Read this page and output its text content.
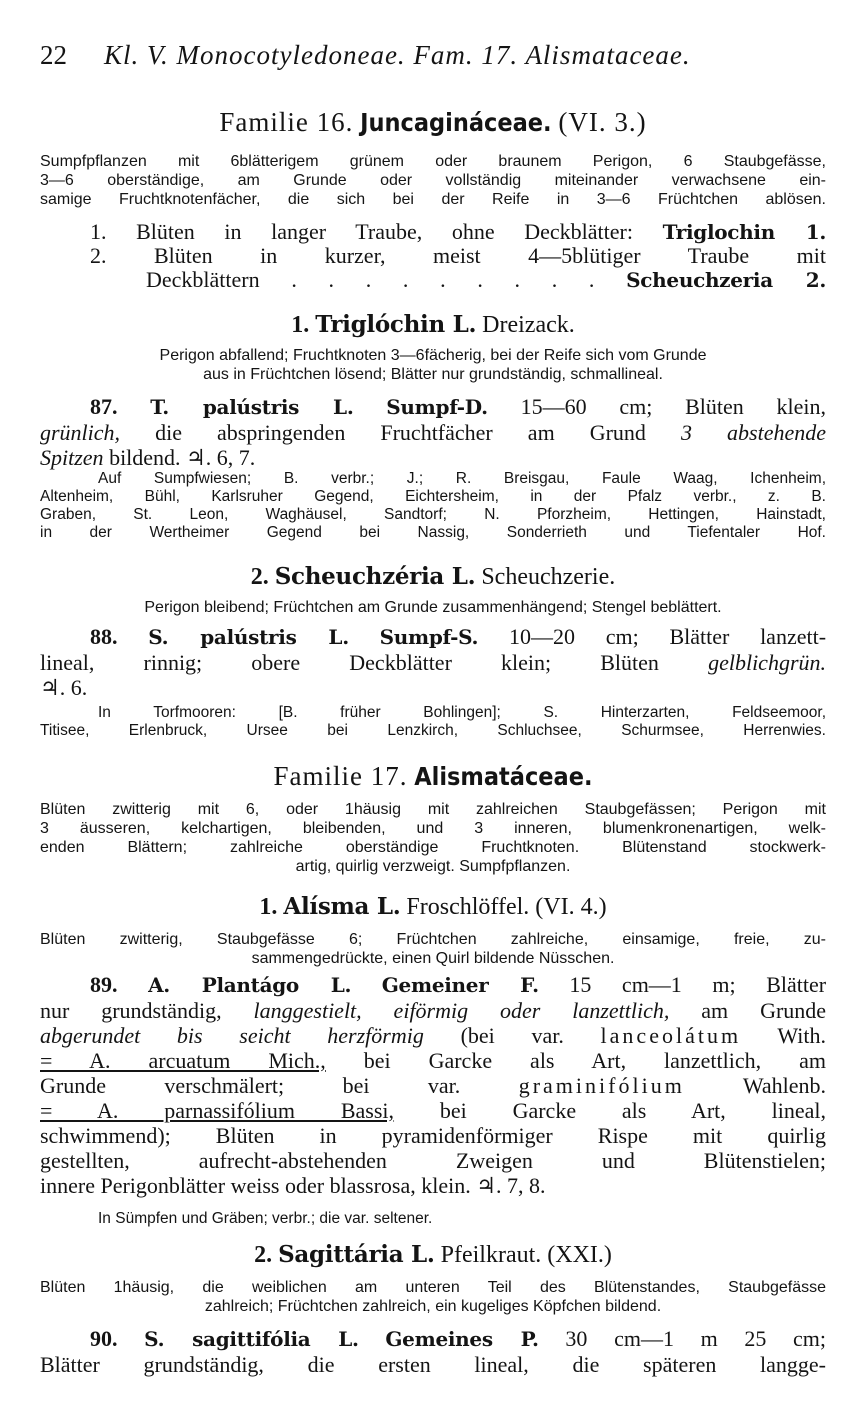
22 Kl. V. Monocotyledoneae. Fam. 17. Alismataceae.
Familie 16. Juncagináceae. (VI. 3.)
Sumpfpflanzen mit 6blätterigem grünem oder braunem Perigon, 6 Staubgefässe,
3—6 oberständige, am Grunde oder vollständig miteinander verwachsene ein-
samige Fruchtknotenfächer, die sich bei der Reife in 3—6 Früchtchen ablösen.
1. Blüten in langer Traube, ohne Deckblätter: Triglochin 1.
2. Blüten in kurzer, meist 4—5blütiger Traube mit
Deckblättern . . . . . . . . . Scheuchzeria 2.
1. Triglóchin L. Dreizack.
Perigon abfallend; Fruchtknoten 3—6fächerig, bei der Reife sich vom Grunde
aus in Früchtchen lösend; Blätter nur grundständig, schmallineal.
87. T. palústris L. Sumpf-D. 15—60 cm; Blüten klein,
grünlich, die abspringenden Fruchtfächer am Grund 3 abstehende
Spitzen bildend. ♃. 6, 7.
Auf Sumpfwiesen; B. verbr.; J.; R. Breisgau, Faule Waag, Ichenheim,
Altenheim, Bühl, Karlsruher Gegend, Eichtersheim, in der Pfalz verbr., z. B.
Graben, St. Leon, Waghäusel, Sandtorf; N. Pforzheim, Hettingen, Hainstadt,
in der Wertheimer Gegend bei Nassig, Sonderrieth und Tiefentaler Hof.
2. Scheuchzéria L. Scheuchzerie.
Perigon bleibend; Früchtchen am Grunde zusammenhängend; Stengel beblättert.
88. S. palústris L. Sumpf-S. 10—20 cm; Blätter lanzett-
lineal, rinnig; obere Deckblätter klein; Blüten gelblichgrün.
♃. 6.
In Torfmooren: [B. früher Bohlingen]; S. Hinterzarten, Feldseemoor,
Titisee, Erlenbruck, Ursee bei Lenzkirch, Schluchsee, Schurmsee, Herrenwies.
Familie 17. Alismatáceae.
Blüten zwitterig mit 6, oder 1häusig mit zahlreichen Staubgefässen; Perigon mit
3 äusseren, kelchartigen, bleibenden, und 3 inneren, blumenkronenartigen, welk-
enden Blättern; zahlreiche oberständige Fruchtknoten. Blütenstand stockwerk-
artig, quirlig verzweigt. Sumpfpflanzen.
1. Alísma L. Froschlöffel. (VI. 4.)
Blüten zwitterig, Staubgefässe 6; Früchtchen zahlreiche, einsamige, freie, zu-
sammengedrückte, einen Quirl bildende Nüsschen.
89. A. Plantágo L. Gemeiner F. 15 cm—1 m; Blätter
nur grundständig, langgestielt, eiförmig oder lanzettlich, am Grunde
abgerundet bis seicht herzförmig (bei var. lanceolátum With.
= A. arcuatum Mich., bei Garcke als Art, lanzettlich, am
Grunde verschmälert;	bei var.	graminifólium	Wahlenb.
= A. parnassifólium Bassi, bei Garcke als Art, lineal,
schwimmend); Blüten in pyramidenförmiger Rispe mit quirlig
gestellten, aufrecht-abstehenden Zweigen und Blütenstielen;
innere Perigonblätter weiss oder blassrosa, klein. ♃. 7, 8.
In Sümpfen und Gräben; verbr.; die var. seltener.
2. Sagittária L. Pfeilkraut. (XXI.)
Blüten 1häusig, die weiblichen am unteren Teil des Blütenstandes, Staubgefässe
zahlreich; Früchtchen zahlreich, ein kugeliges Köpfchen bildend.
90. S. sagittifólia L. Gemeines P. 30 cm—1 m 25 cm;
Blätter grundständig, die ersten lineal, die späteren langge-
